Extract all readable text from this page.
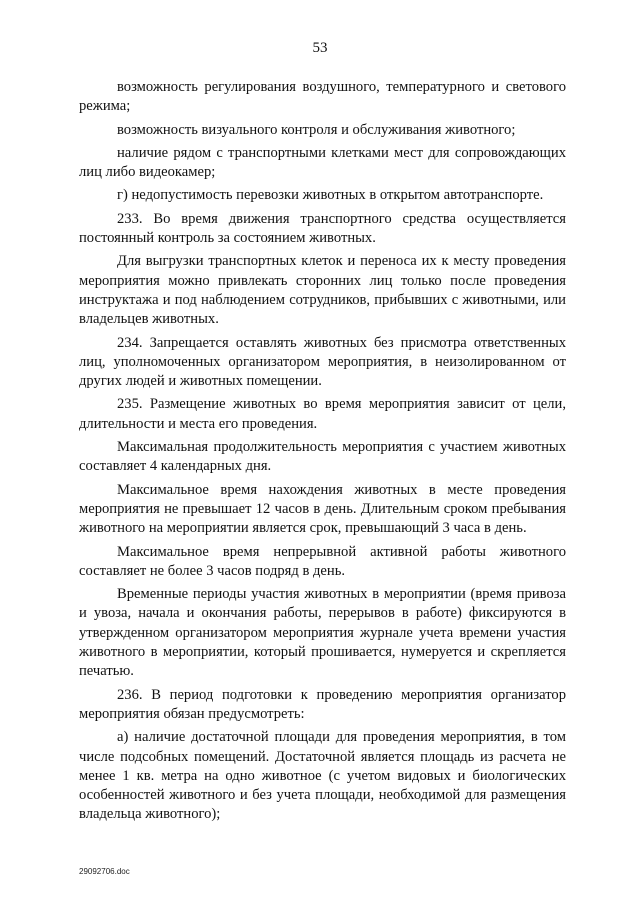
53

возможность регулирования воздушного, температурного и светового режима;

возможность визуального контроля и обслуживания животного;

наличие рядом с транспортными клетками мест для сопровождающих лиц либо видеокамер;

г) недопустимость перевозки животных в открытом автотранспорте.

233. Во время движения транспортного средства осуществляется постоянный контроль за состоянием животных.

Для выгрузки транспортных клеток и переноса их к месту проведения мероприятия можно привлекать сторонних лиц только после проведения инструктажа и под наблюдением сотрудников, прибывших с животными, или владельцев животных.

234. Запрещается оставлять животных без присмотра ответственных лиц, уполномоченных организатором мероприятия, в неизолированном от других людей и животных помещении.

235. Размещение животных во время мероприятия зависит от цели, длительности и места его проведения.

Максимальная продолжительность мероприятия с участием животных составляет 4 календарных дня.

Максимальное время нахождения животных в месте проведения мероприятия не превышает 12 часов в день. Длительным сроком пребывания животного на мероприятии является срок, превышающий 3 часа в день.

Максимальное время непрерывной активной работы животного составляет не более 3 часов подряд в день.

Временные периоды участия животных в мероприятии (время привоза и увоза, начала и окончания работы, перерывов в работе) фиксируются в утвержденном организатором мероприятия журнале учета времени участия животного в мероприятии, который прошивается, нумеруется и скрепляется печатью.

236. В период подготовки к проведению мероприятия организатор мероприятия обязан предусмотреть:

а) наличие достаточной площади для проведения мероприятия, в том числе подсобных помещений. Достаточной является площадь из расчета не менее 1 кв. метра на одно животное (с учетом видовых и биологических особенностей животного и без учета площади, необходимой для размещения владельца животного);

29092706.doc
